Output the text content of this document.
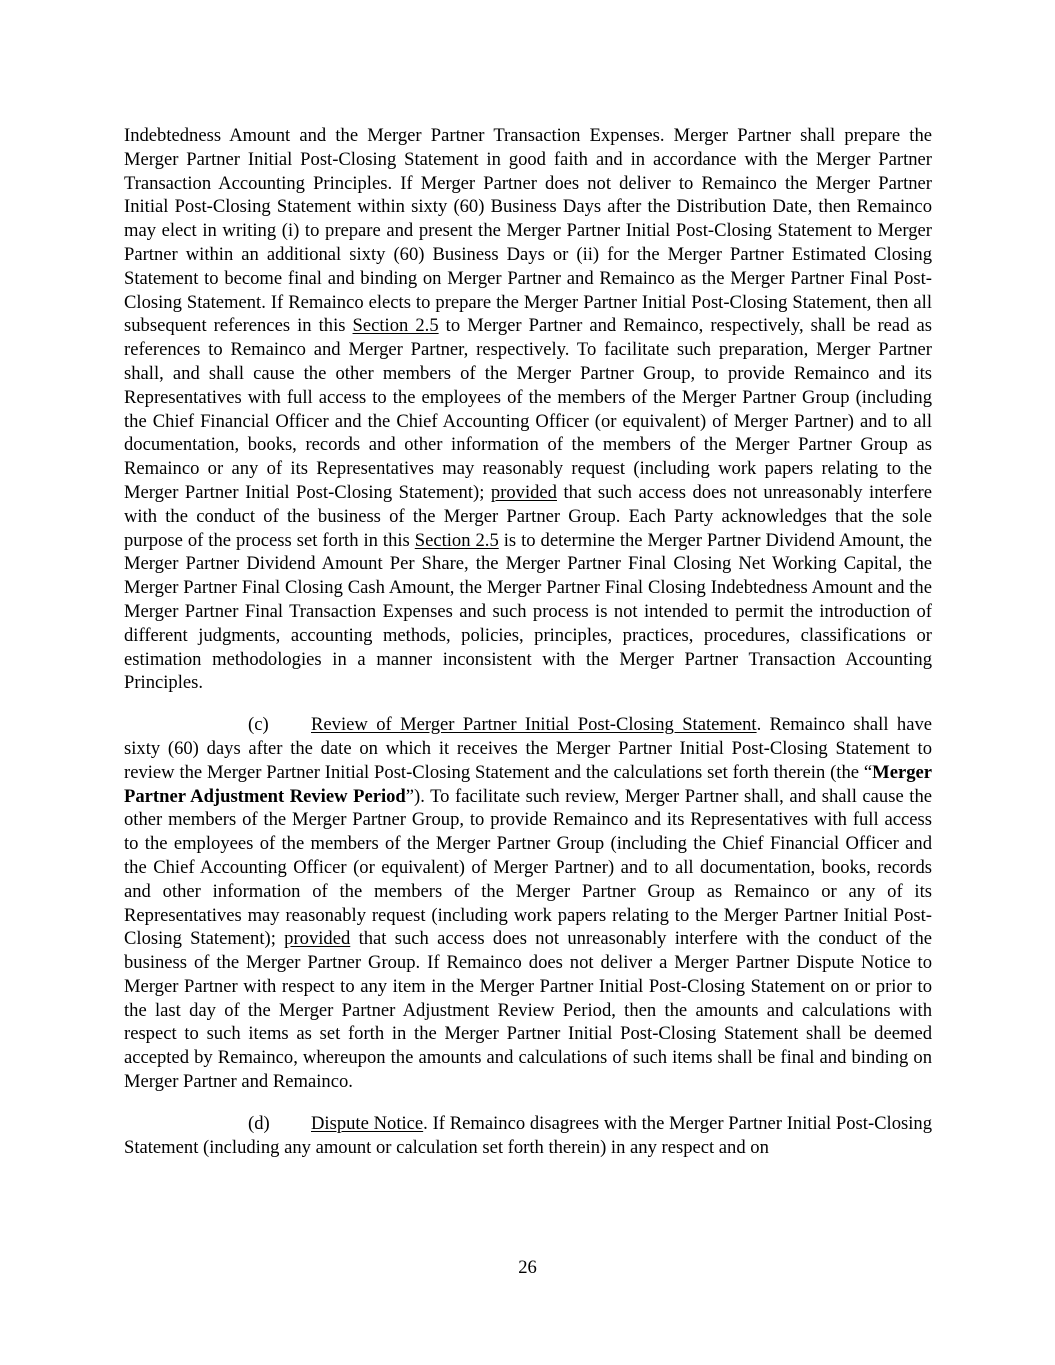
Indebtedness Amount and the Merger Partner Transaction Expenses. Merger Partner shall prepare the Merger Partner Initial Post-Closing Statement in good faith and in accordance with the Merger Partner Transaction Accounting Principles. If Merger Partner does not deliver to Remainco the Merger Partner Initial Post-Closing Statement within sixty (60) Business Days after the Distribution Date, then Remainco may elect in writing (i) to prepare and present the Merger Partner Initial Post-Closing Statement to Merger Partner within an additional sixty (60) Business Days or (ii) for the Merger Partner Estimated Closing Statement to become final and binding on Merger Partner and Remainco as the Merger Partner Final Post-Closing Statement. If Remainco elects to prepare the Merger Partner Initial Post-Closing Statement, then all subsequent references in this Section 2.5 to Merger Partner and Remainco, respectively, shall be read as references to Remainco and Merger Partner, respectively. To facilitate such preparation, Merger Partner shall, and shall cause the other members of the Merger Partner Group, to provide Remainco and its Representatives with full access to the employees of the members of the Merger Partner Group (including the Chief Financial Officer and the Chief Accounting Officer (or equivalent) of Merger Partner) and to all documentation, books, records and other information of the members of the Merger Partner Group as Remainco or any of its Representatives may reasonably request (including work papers relating to the Merger Partner Initial Post-Closing Statement); provided that such access does not unreasonably interfere with the conduct of the business of the Merger Partner Group. Each Party acknowledges that the sole purpose of the process set forth in this Section 2.5 is to determine the Merger Partner Dividend Amount, the Merger Partner Dividend Amount Per Share, the Merger Partner Final Closing Net Working Capital, the Merger Partner Final Closing Cash Amount, the Merger Partner Final Closing Indebtedness Amount and the Merger Partner Final Transaction Expenses and such process is not intended to permit the introduction of different judgments, accounting methods, policies, principles, practices, procedures, classifications or estimation methodologies in a manner inconsistent with the Merger Partner Transaction Accounting Principles.

(c) Review of Merger Partner Initial Post-Closing Statement. Remainco shall have sixty (60) days after the date on which it receives the Merger Partner Initial Post-Closing Statement to review the Merger Partner Initial Post-Closing Statement and the calculations set forth therein (the “Merger Partner Adjustment Review Period”). To facilitate such review, Merger Partner shall, and shall cause the other members of the Merger Partner Group, to provide Remainco and its Representatives with full access to the employees of the members of the Merger Partner Group (including the Chief Financial Officer and the Chief Accounting Officer (or equivalent) of Merger Partner) and to all documentation, books, records and other information of the members of the Merger Partner Group as Remainco or any of its Representatives may reasonably request (including work papers relating to the Merger Partner Initial Post-Closing Statement); provided that such access does not unreasonably interfere with the conduct of the business of the Merger Partner Group. If Remainco does not deliver a Merger Partner Dispute Notice to Merger Partner with respect to any item in the Merger Partner Initial Post-Closing Statement on or prior to the last day of the Merger Partner Adjustment Review Period, then the amounts and calculations with respect to such items as set forth in the Merger Partner Initial Post-Closing Statement shall be deemed accepted by Remainco, whereupon the amounts and calculations of such items shall be final and binding on Merger Partner and Remainco.

(d) Dispute Notice. If Remainco disagrees with the Merger Partner Initial Post-Closing Statement (including any amount or calculation set forth therein) in any respect and on

26
